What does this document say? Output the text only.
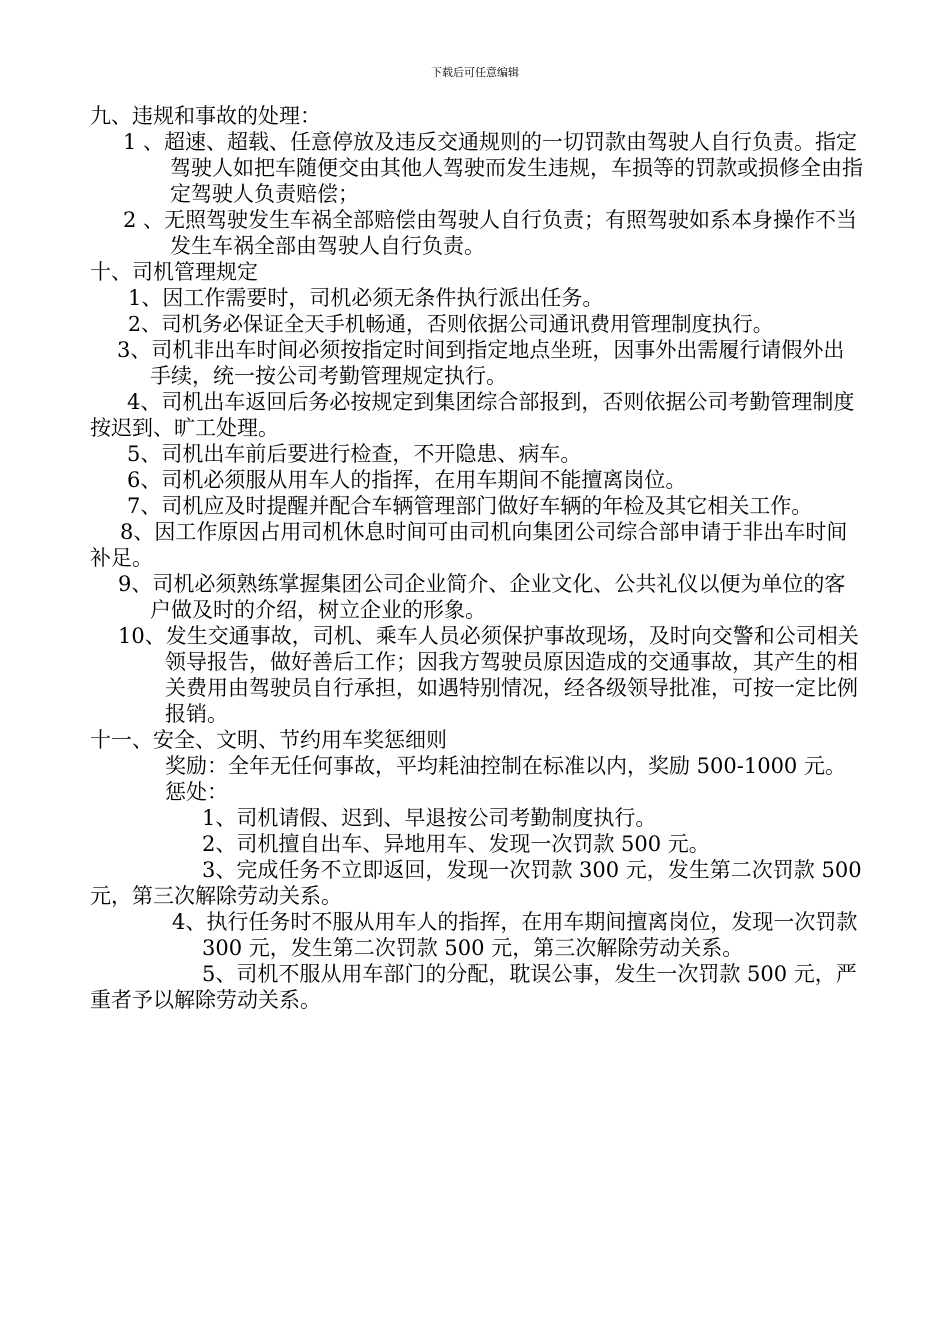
下载后可任意编辑

九、违规和事故的处理：

1 、超速、超载、任意停放及违反交通规则的一切罚款由驾驶人自行负责。指定驾驶人如把车随便交由其他人驾驶而发生违规，车损等的罚款或损修全由指定驾驶人负责赔偿；

2 、无照驾驶发生车祸全部赔偿由驾驶人自行负责；有照驾驶如系本身操作不当发生车祸全部由驾驶人自行负责。

十、司机管理规定

1、因工作需要时，司机必须无条件执行派出任务。

2、司机务必保证全天手机畅通，否则依据公司通讯费用管理制度执行。

3、司机非出车时间必须按指定时间到指定地点坐班，因事外出需履行请假外出手续，统一按公司考勤管理规定执行。

4、司机出车返回后务必按规定到集团综合部报到，否则依据公司考勤管理制度按迟到、旷工处理。

5、司机出车前后要进行检查，不开隐患、病车。

6、司机必须服从用车人的指挥，在用车期间不能擅离岗位。

7、司机应及时提醒并配合车辆管理部门做好车辆的年检及其它相关工作。

8、因工作原因占用司机休息时间可由司机向集团公司综合部申请于非出车时间补足。

9、司机必须熟练掌握集团公司企业简介、企业文化、公共礼仪以便为单位的客户做及时的介绍，树立企业的形象。

10、发生交通事故，司机、乘车人员必须保护事故现场，及时向交警和公司相关领导报告，做好善后工作；因我方驾驶员原因造成的交通事故，其产生的相关费用由驾驶员自行承担，如遇特别情况，经各级领导批准，可按一定比例报销。

十一、安全、文明、节约用车奖惩细则

奖励：全年无任何事故，平均耗油控制在标准以内，奖励 500-1000 元。

惩处：

1、司机请假、迟到、早退按公司考勤制度执行。

2、司机擅自出车、异地用车、发现一次罚款 500 元。

3、完成任务不立即返回，发现一次罚款 300 元，发生第二次罚款 500 元，第三次解除劳动关系。

4、执行任务时不服从用车人的指挥，在用车期间擅离岗位，发现一次罚款 300 元，发生第二次罚款 500 元，第三次解除劳动关系。

5、司机不服从用车部门的分配，耽误公事，发生一次罚款 500 元，严重者予以解除劳动关系。
